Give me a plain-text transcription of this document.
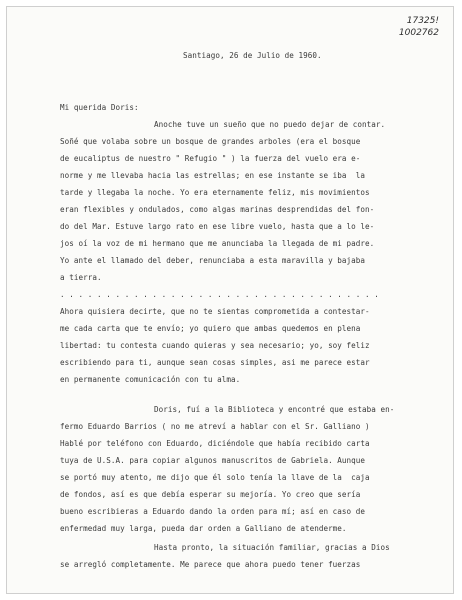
17325!
1002762
Santiago, 26 de Julio de 1960.
Mi querida Doris:

Anoche tuve un sueño que no puedo dejar de contar.

Soñé que volaba sobre un bosque de grandes arboles (era el bosque

de eucaliptus de nuestro " Refugio " ) la fuerza del vuelo era e-

norme y me llevaba hacia las estrellas; en ese instante se iba  la

tarde y llegaba la noche. Yo era eternamente feliz, mis movimientos

eran flexibles y ondulados, como algas marinas desprendidas del fon-

do del Mar. Estuve largo rato en ese libre vuelo, hasta que a lo le-

jos oí la voz de mi hermano que me anunciaba la llegada de mi padre.

Yo ante el llamado del deber, renunciaba a esta maravilla y bajaba

a tierra.

. . . . . . . . . . . . . . . . . . . . . . . . . . . . . . . . . . .

Ahora quisiera decirte, que no te sientas comprometida a contestar-

me cada carta que te envío; yo quiero que ambas quedemos en plena

libertad: tu contesta cuando quieras y sea necesario; yo, soy feliz

escribiendo para ti, aunque sean cosas simples, asi me parece estar

en permanente comunicación con tu alma.

Doris, fuí a la Biblioteca y encontré que estaba en-

fermo Eduardo Barrios ( no me atreví a hablar con el Sr. Galliano )

Hablé por teléfono con Eduardo, diciéndole que había recibido carta

tuya de U.S.A. para copiar algunos manuscritos de Gabriela. Aunque

se portó muy atento, me dijo que él solo tenía la llave de la  caja

de fondos, así es que debía esperar su mejoría. Yo creo que sería

bueno escribieras a Eduardo dando la orden para mí; así en caso de

enfermedad muy larga, pueda dar orden a Galliano de atenderme.

Hasta pronto, la situación familiar, gracias a Dios

se arregló completamente. Me parece que ahora puedo tener fuerzas
